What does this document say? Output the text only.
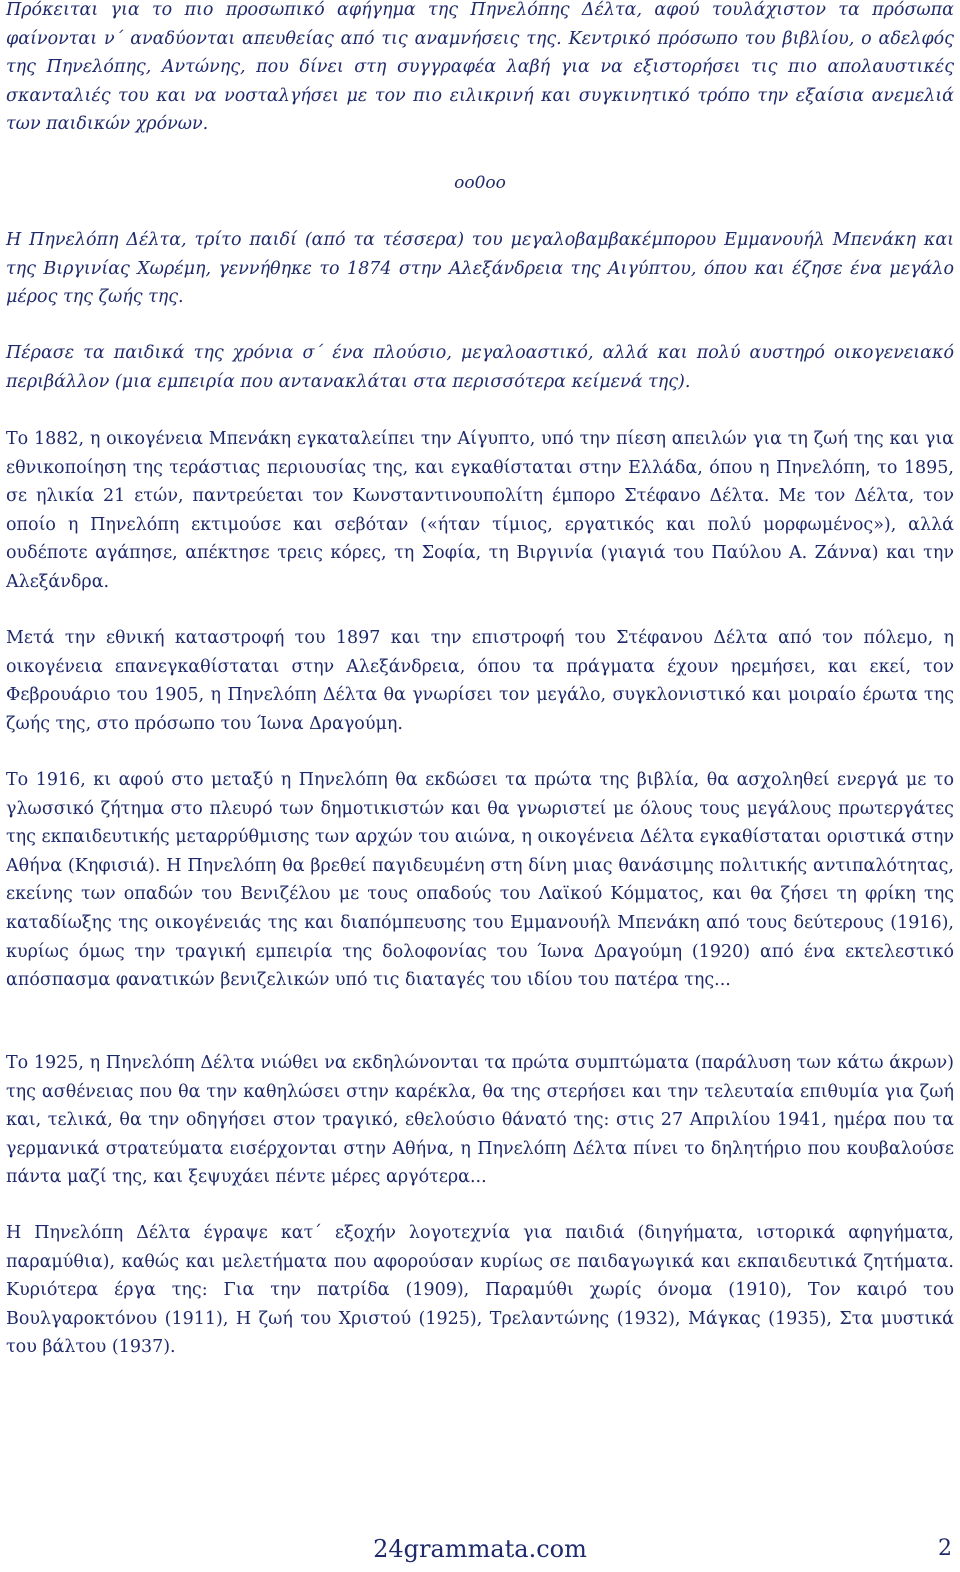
Πρόκειται για το πιο προσωπικό αφήγημα της Πηνελόπης Δέλτα, αφού τουλάχιστον τα πρόσωπα φαίνονται ν΄ αναδύονται απευθείας από τις αναμνήσεις της. Κεντρικό πρόσωπο του βιβλίου, ο αδελφός της Πηνελόπης, Αντώνης, που δίνει στη συγγραφέα λαβή για να εξιστορήσει τις πιο απολαυστικές σκανταλιές του και να νοσταλγήσει με τον πιο ειλικρινή και συγκινητικό τρόπο την εξαίσια ανεμελιά των παιδικών χρόνων.

οο0οο

Η Πηνελόπη Δέλτα, τρίτο παιδί (από τα τέσσερα) του μεγαλοβαμβακέμπορου Εμμανουήλ Μπενάκη και της Βιργινίας Χωρέμη, γεννήθηκε το 1874 στην Αλεξάνδρεια της Αιγύπτου, όπου και έζησε ένα μεγάλο μέρος της ζωής της.

Πέρασε τα παιδικά της χρόνια σ΄ ένα πλούσιο, μεγαλοαστικό, αλλά και πολύ αυστηρό οικογενειακό περιβάλλον (μια εμπειρία που αντανακλάται στα περισσότερα κείμενά της).

Το 1882, η οικογένεια Μπενάκη εγκαταλείπει την Αίγυπτο, υπό την πίεση απειλών για τη ζωή της και για εθνικοποίηση της τεράστιας περιουσίας της, και εγκαθίσταται στην Ελλάδα, όπου η Πηνελόπη, το 1895, σε ηλικία 21 ετών, παντρεύεται τον Κωνσταντινουπολίτη έμπορο Στέφανο Δέλτα. Με τον Δέλτα, τον οποίο η Πηνελόπη εκτιμούσε και σεβόταν («ήταν τίμιος, εργατικός και πολύ μορφωμένος»), αλλά ουδέποτε αγάπησε, απέκτησε τρεις κόρες, τη Σοφία, τη Βιργινία (γιαγιά του Παύλου Α. Ζάννα) και την Αλεξάνδρα.

Μετά την εθνική καταστροφή του 1897 και την επιστροφή του Στέφανου Δέλτα από τον πόλεμο, η οικογένεια επανεγκαθίσταται στην Αλεξάνδρεια, όπου τα πράγματα έχουν ηρεμήσει, και εκεί, τον Φεβρουάριο του 1905, η Πηνελόπη Δέλτα θα γνωρίσει τον μεγάλο, συγκλονιστικό και μοιραίο έρωτα της ζωής της, στο πρόσωπο του Ίωνα Δραγούμη.

Το 1916, κι αφού στο μεταξύ η Πηνελόπη θα εκδώσει τα πρώτα της βιβλία, θα ασχοληθεί ενεργά με το γλωσσικό ζήτημα στο πλευρό των δημοτικιστών και θα γνωριστεί με όλους τους μεγάλους πρωτεργάτες της εκπαιδευτικής μεταρρύθμισης των αρχών του αιώνα, η οικογένεια Δέλτα εγκαθίσταται οριστικά στην Αθήνα (Κηφισιά). Η Πηνελόπη θα βρεθεί παγιδευμένη στη δίνη μιας θανάσιμης πολιτικής αντιπαλότητας, εκείνης των οπαδών του Βενιζέλου με τους οπαδούς του Λαϊκού Κόμματος, και θα ζήσει τη φρίκη της καταδίωξης της οικογένειάς της και διαπόμπευσης του Εμμανουήλ Μπενάκη από τους δεύτερους (1916), κυρίως όμως την τραγική εμπειρία της δολοφονίας του Ίωνα Δραγούμη (1920) από ένα εκτελεστικό απόσπασμα φανατικών βενιζελικών υπό τις διαταγές του ιδίου του πατέρα της...

Το 1925, η Πηνελόπη Δέλτα νιώθει να εκδηλώνονται τα πρώτα συμπτώματα (παράλυση των κάτω άκρων) της ασθένειας που θα την καθηλώσει στην καρέκλα, θα της στερήσει και την τελευταία επιθυμία για ζωή και, τελικά, θα την οδηγήσει στον τραγικό, εθελούσιο θάνατό της: στις 27 Απριλίου 1941, ημέρα που τα γερμανικά στρατεύματα εισέρχονται στην Αθήνα, η Πηνελόπη Δέλτα πίνει το δηλητήριο που κουβαλούσε πάντα μαζί της, και ξεψυχάει πέντε μέρες αργότερα...

Η Πηνελόπη Δέλτα έγραψε κατ΄ εξοχήν λογοτεχνία για παιδιά (διηγήματα, ιστορικά αφηγήματα, παραμύθια), καθώς και μελετήματα που αφορούσαν κυρίως σε παιδαγωγικά και εκπαιδευτικά ζητήματα. Κυριότερα έργα της: Για την πατρίδα (1909), Παραμύθι χωρίς όνομα (1910), Τον καιρό του Βουλγαροκτόνου (1911), Η ζωή του Χριστού (1925), Τρελαντώνης (1932), Μάγκας (1935), Στα μυστικά του βάλτου (1937).

24grammata.com	2
